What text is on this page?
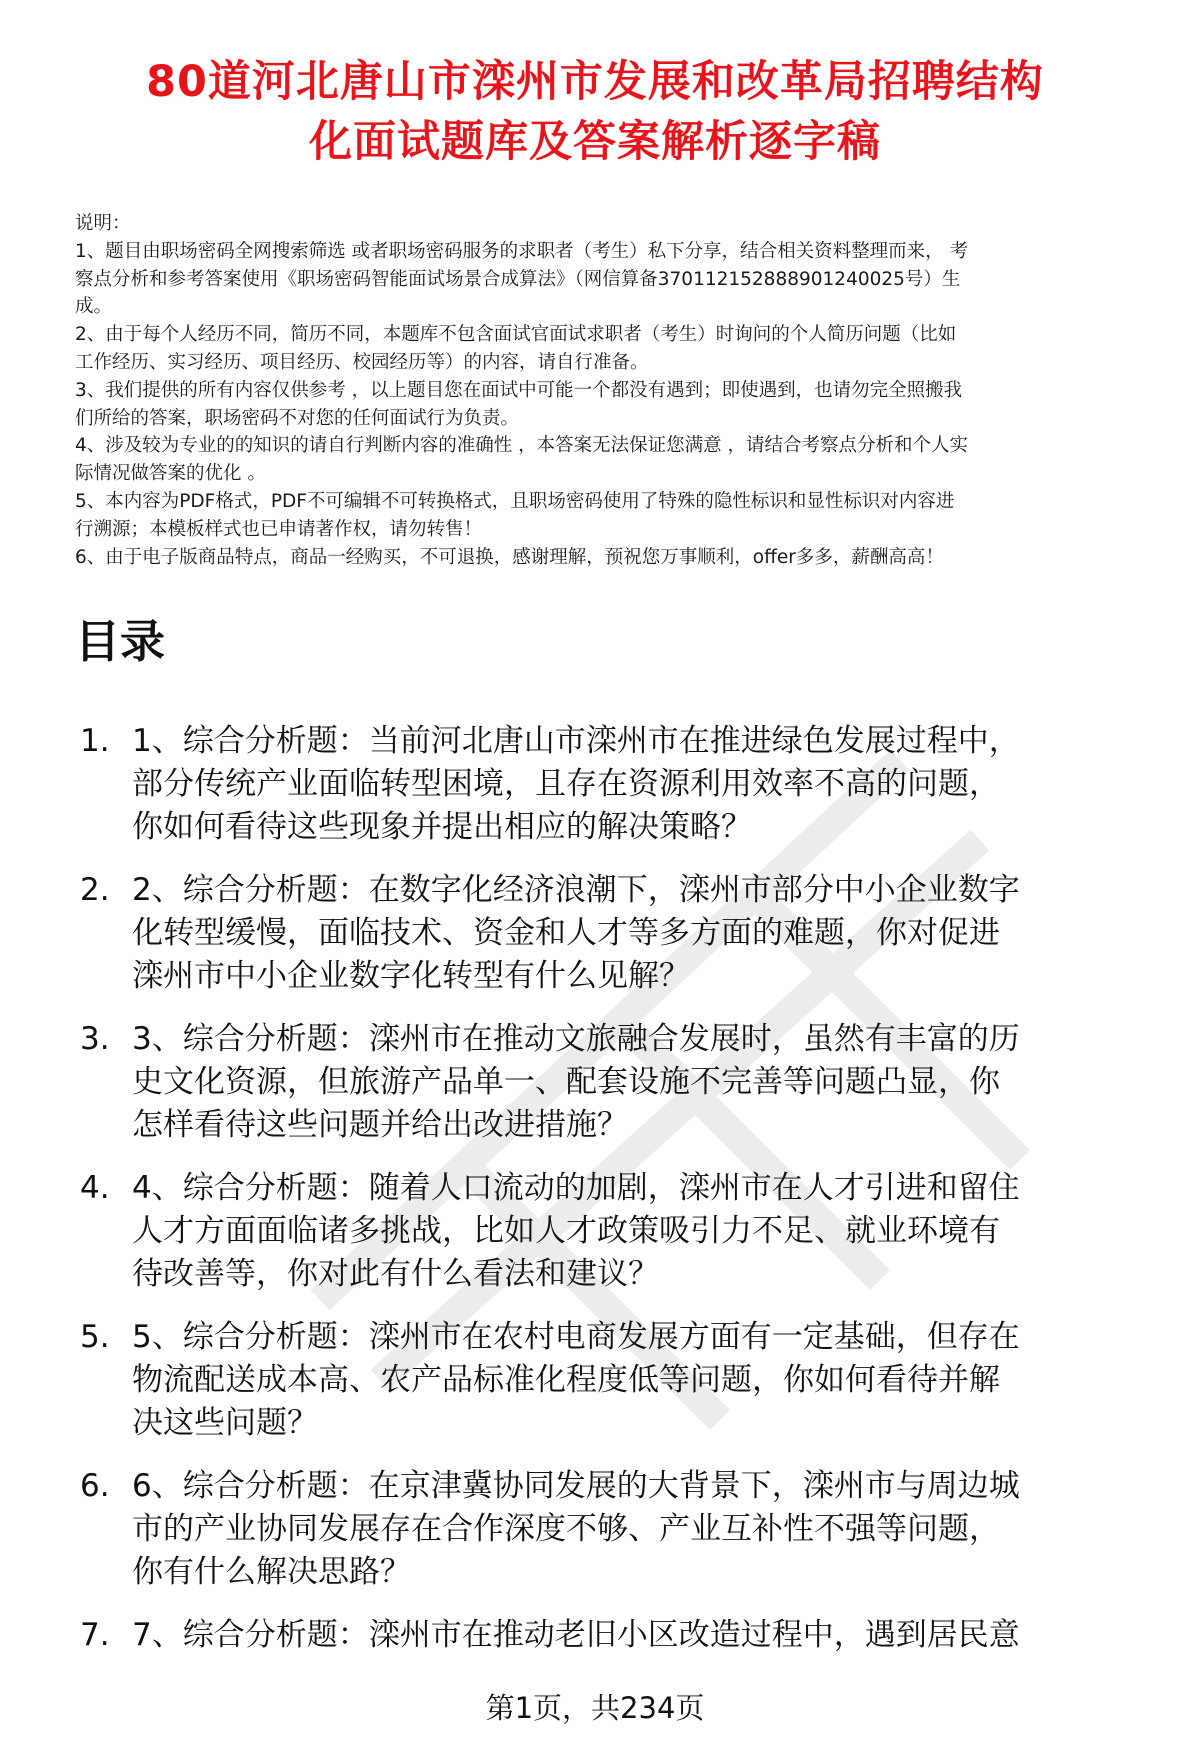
80道河北唐山市滦州市发展和改革局招聘结构
化面试题库及答案解析逐字稿

说明：

1、题目由职场密码全网搜索筛选 或者职场密码服务的求职者（考生）私下分享，结合相关资料整理而来， 考

察点分析和参考答案使用《职场密码智能面试场景合成算法》（网信算备370112152888901240025号）生

成。

2、由于每个人经历不同，简历不同，本题库不包含面试官面试求职者（考生）时询问的个人简历问题（比如

工作经历、实习经历、项目经历、校园经历等）的内容，请自行准备。

3、我们提供的所有内容仅供参考 ，以上题目您在面试中可能一个都没有遇到；即使遇到，也请勿完全照搬我

们所给的答案，职场密码不对您的任何面试行为负责。

4、涉及较为专业的的知识的请自行判断内容的准确性 ，本答案无法保证您满意 ，请结合考察点分析和个人实

际情况做答案的优化 。

5、本内容为PDF格式，PDF不可编辑不可转换格式，且职场密码使用了特殊的隐性标识和显性标识对内容进

行溯源；本模板样式也已申请著作权，请勿转售！

6、由于电子版商品特点，商品一经购买，不可退换，感谢理解，预祝您万事顺利，offer多多，薪酬高高！

目录
1. 1、综合分析题：当前河北唐山市滦州市在推进绿色发展过程中，
部分传统产业面临转型困境，且存在资源利用效率不高的问题，
你如何看待这些现象并提出相应的解决策略？
2. 2、综合分析题：在数字化经济浪潮下，滦州市部分中小企业数字
化转型缓慢，面临技术、资金和人才等多方面的难题，你对促进
滦州市中小企业数字化转型有什么见解？
3. 3、综合分析题：滦州市在推动文旅融合发展时，虽然有丰富的历
史文化资源，但旅游产品单一、配套设施不完善等问题凸显，你
怎样看待这些问题并给出改进措施？
4. 4、综合分析题：随着人口流动的加剧，滦州市在人才引进和留住
人才方面面临诸多挑战，比如人才政策吸引力不足、就业环境有
待改善等，你对此有什么看法和建议？
5. 5、综合分析题：滦州市在农村电商发展方面有一定基础，但存在
物流配送成本高、农产品标准化程度低等问题，你如何看待并解
决这些问题？
6. 6、综合分析题：在京津冀协同发展的大背景下，滦州市与周边城
市的产业协同发展存在合作深度不够、产业互补性不强等问题，
你有什么解决思路？
7. 7、综合分析题：滦州市在推动老旧小区改造过程中，遇到居民意
第1页，共234页
